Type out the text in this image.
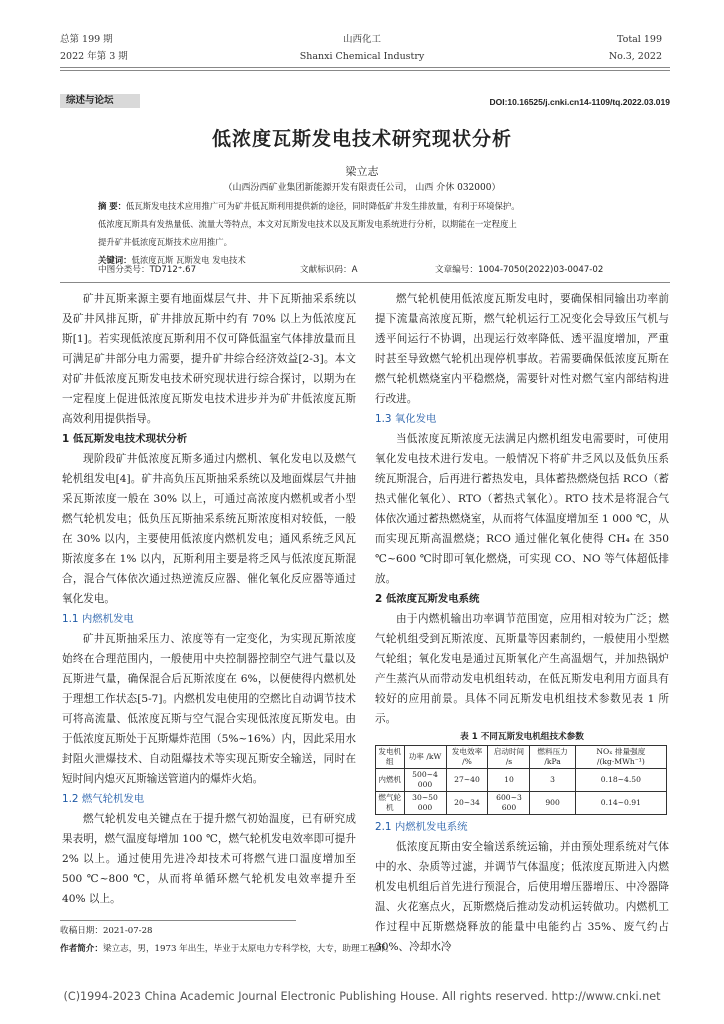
总第 199 期
2022 年第 3 期
山西化工
Shanxi Chemical Industry
Total 199
No.3, 2022
综述与论坛	DOI:10.16525/j.cnki.cn14-1109/tq.2022.03.019
低浓度瓦斯发电技术研究现状分析
梁立志
（山西汾西矿业集团新能源开发有限责任公司， 山西 介休 032000）
摘 要：低瓦斯发电技术应用推广可为矿井低瓦斯利用提供新的途径，同时降低矿井发生排放量，有利于环境保护。
低浓度瓦斯具有发热量低、流量大等特点，本文对瓦斯发电技术以及瓦斯发电系统进行分析，以期能在一定程度上
提升矿井低浓度瓦斯技术应用推广。
关键词：低浓度瓦斯 瓦斯发电 发电技术
中图分类号：TD712⁺.67	文献标识码：A	文章编号：1004-7050(2022)03-0047-02

矿井瓦斯来源主要有地面煤层气井、井下瓦斯抽采系统以及矿井风排瓦斯，矿井排放瓦斯中约有 70% 以上为低浓度瓦斯[1]。若实现低浓度瓦斯利用不仅可降低温室气体排放量而且可满足矿井部分电力需要，提升矿井综合经济效益[2-3]。本文对矿井低浓度瓦斯发电技术研究现状进行综合探讨，以期为在一定程度上促进低浓度瓦斯发电技术进步并为矿井低浓度瓦斯高效利用提供指导。

1 低瓦斯发电技术现状分析

现阶段矿井低浓度瓦斯多通过内燃机、氧化发电以及燃气轮机组发电[4]。矿井高负压瓦斯抽采系统以及地面煤层气井抽采瓦斯浓度一般在 30% 以上，可通过高浓度内燃机或者小型燃气轮机发电；低负压瓦斯抽采系统瓦斯浓度相对较低，一般在 30% 以内，主要使用低浓度内燃机发电；通风系统乏风瓦斯浓度多在 1% 以内，瓦斯利用主要是将乏风与低浓度瓦斯混合，混合气体依次通过热逆流反应器、催化氧化反应器等通过氧化发电。

1.1 内燃机发电

矿井瓦斯抽采压力、浓度等有一定变化，为实现瓦斯浓度始终在合理范围内，一般使用中央控制器控制空气进气量以及瓦斯进气量，确保混合后瓦斯浓度在 6%，以便使得内燃机处于理想工作状态[5-7]。内燃机发电使用的空燃比自动调节技术可将高流量、低浓度瓦斯与空气混合实现低浓度瓦斯发电。由于低浓度瓦斯处于瓦斯爆炸范围（5%~16%）内，因此采用水封阻火泄爆技术、自动阻爆技术等实现瓦斯安全输送，同时在短时间内熄灭瓦斯输送管道内的爆炸火焰。

1.2 燃气轮机发电

燃气轮机发电关键点在于提升燃气初始温度，已有研究成果表明，燃气温度每增加 100 ℃，燃气轮机发电效率即可提升 2% 以上。通过使用先进冷却技术可将燃气进口温度增加至 500 ℃~800 ℃，从而将单循环燃气轮机发电效率提升至 40% 以上。

燃气轮机使用低浓度瓦斯发电时，要确保相同输出功率前提下流量高浓度瓦斯，燃气轮机运行工况变化会导致压气机与透平间运行不协调，出现运行效率降低、透平温度增加，严重时甚至导致燃气轮机出现停机事故。若需要确保低浓度瓦斯在燃气轮机燃烧室内平稳燃烧，需要针对性对燃气室内部结构进行改进。

1.3 氧化发电

当低浓度瓦斯浓度无法满足内燃机组发电需要时，可使用氧化发电技术进行发电。一般情况下将矿井乏风以及低负压系统瓦斯混合，后再进行蓄热发电，具体蓄热燃烧包括 RCO（蓄热式催化氧化）、RTO（蓄热式氧化）。RTO 技术是将混合气体依次通过蓄热燃烧室，从而将气体温度增加至 1 000 ℃，从而实现瓦斯高温燃烧；RCO 通过催化氧化使得 CH₄ 在 350 ℃~600 ℃时即可氧化燃烧，可实现 CO、NO 等气体超低排放。

2 低浓度瓦斯发电系统

由于内燃机输出功率调节范围宽，应用相对较为广泛；燃气轮机组受到瓦斯浓度、瓦斯量等因素制约，一般使用小型燃气轮组；氧化发电是通过瓦斯氧化产生高温烟气，并加热锅炉产生蒸汽从而带动发电机组转动，在低瓦斯发电利用方面具有较好的应用前景。具体不同瓦斯发电机组技术参数见表 1 所示。

表 1 不同瓦斯发电机组技术参数
发电机组	功率 /kW	发电效率 /%	启动时间 /s	燃料压力 /kPa	NOₓ 排量强度 /(kg·MWh⁻¹)
内燃机	500~4 000	27~40	10	3	0.18~4.50
燃气轮机	30~50 000	20~34	600~3 600	900	0.14~0.91

2.1 内燃机发电系统

低浓度瓦斯由安全输送系统运输，并由预处理系统对气体中的水、杂质等过滤，并调节气体温度；低浓度瓦斯进入内燃机发电机组后首先进行预混合，后使用增压器增压、中冷器降温、火花塞点火，瓦斯燃烧后推动发动机运转做功。内燃机工作过程中瓦斯燃烧释放的能量中电能约占 35%、废气约占 30%、冷却水冷

收稿日期：2021-07-28
作者简介：梁立志，男，1973 年出生，毕业于太原电力专科学校，大专，助理工程师。
(C)1994-2023 China Academic Journal Electronic Publishing House. All rights reserved. http://www.cnki.net
